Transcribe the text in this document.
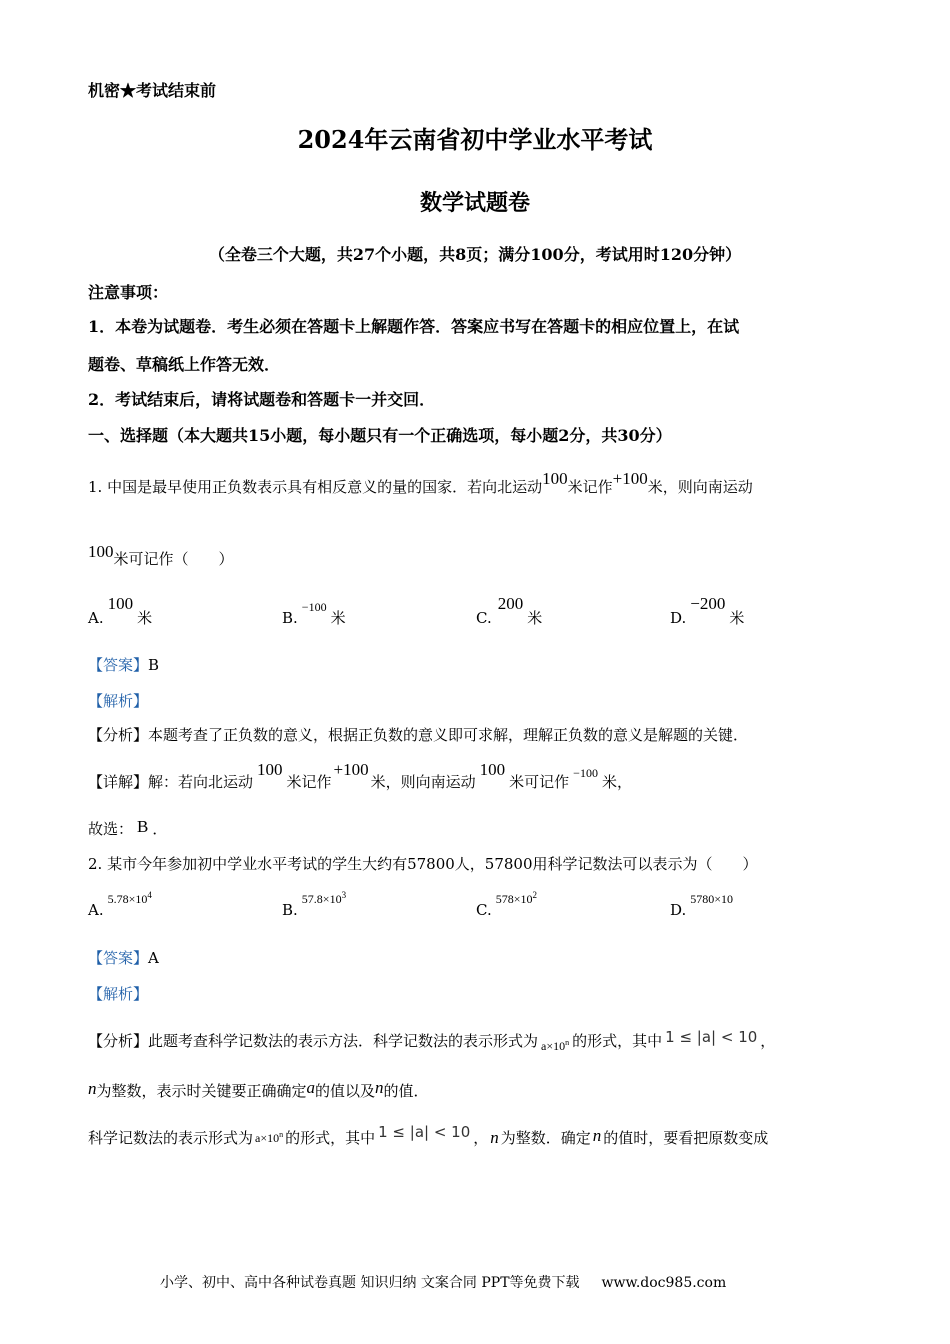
机密★考试结束前
2024年云南省初中学业水平考试
数学试题卷
（全卷三个大题，共27个小题，共8页；满分100分，考试用时120分钟）
注意事项：
1．本卷为试题卷．考生必须在答题卡上解题作答．答案应书写在答题卡的相应位置上，在试
题卷、草稿纸上作答无效．
2．考试结束后，请将试题卷和答题卡一并交回．
一、选择题（本大题共15小题，每小题只有一个正确选项，每小题2分，共30分）
1. 中国是最早使用正负数表示具有相反意义的量的国家．若向北运动100米记作+100米，则向南运动
100米可记作（　　）
A.100米	B.$^{-100}$米	C.200米	D.−200米
【答案】B
【解析】
【分析】本题考查了正负数的意义，根据正负数的意义即可求解，理解正负数的意义是解题的关键．
【详解】解：若向北运动100米记作+100米，则向南运动100米可记作 $^{-100}$ 米，
故选： B ．
2. 某市今年参加初中学业水平考试的学生大约有57800人，57800用科学记数法可以表示为（　　）
A.$^{5.78\times 10^4}$
B.$^{57.8\times 10^3}$
C.$^{578\times 10^2}$
D.$^{5780\times 10}$
【答案】A
【解析】
【分析】此题考查科学记数法的表示方法．科学记数法的表示形式为 $_{a\times 10^n}$ 的形式，其中 1 ≤ |a| < 10 ，
n为整数，表示时关键要正确确定a的值以及n的值．
科学记数法的表示形式为 $a\times 10^n$ 的形式，其中 1 ≤ |a| < 10 ， n 为整数．确定 n 的值时，要看把原数变成
小学、初中、高中各种试卷真题 知识归纳 文案合同 PPT等免费下载 www.doc985.com
